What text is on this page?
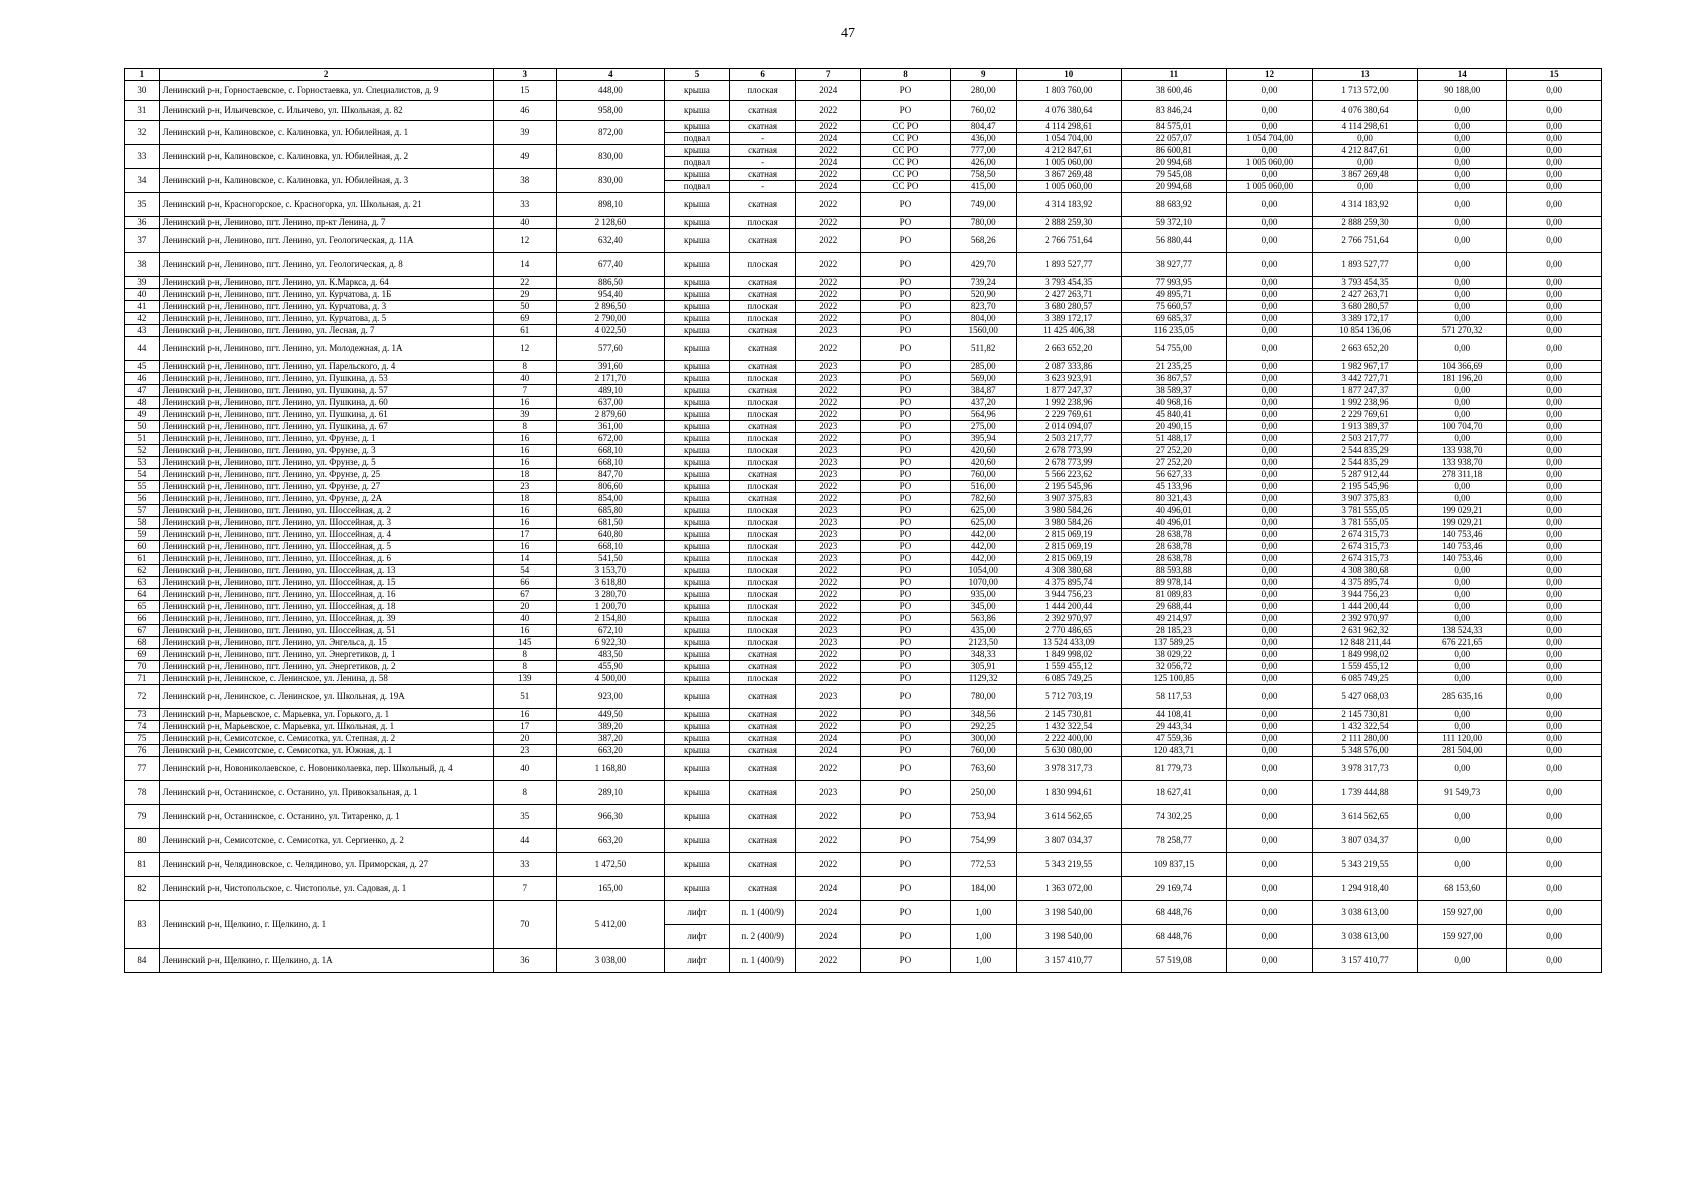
47
1	2	3	4	5	6	7	8	9	10	11	12	13	14	15
30	Ленинский р-н, Горностаевское, с. Горностаевка, ул. Специалистов, д. 9	15	448,00	крыша	плоская	2024	РО	280,00	1 803 760,00	38 600,46	0,00	1 713 572,00	90 188,00	0,00
31	Ленинский р-н, Ильичевское, с. Ильичево, ул. Школьная, д. 82	46	958,00	крыша	скатная	2022	РО	760,02	4 076 380,64	83 846,24	0,00	4 076 380,64	0,00	0,00
32	Ленинский р-н, Калиновское, с. Калиновка, ул. Юбилейная, д. 1	39	872,00	крыша	скатная	2022	СС РО	804,47	4 114 298,61	84 575,01	0,00	4 114 298,61	0,00	0,00
				подвал	-	2024	СС РО	436,00	1 054 704,00	22 057,07	1 054 704,00	0,00	0,00	0,00
33	Ленинский р-н, Калиновское, с. Калиновка, ул. Юбилейная, д. 2	49	830,00	крыша	скатная	2022	СС РО	777,00	4 212 847,61	86 600,81	0,00	4 212 847,61	0,00	0,00
				подвал	-	2024	СС РО	426,00	1 005 060,00	20 994,68	1 005 060,00	0,00	0,00	0,00
34	Ленинский р-н, Калиновское, с. Калиновка, ул. Юбилейная, д. 3	38	830,00	крыша	скатная	2022	СС РО	758,50	3 867 269,48	79 545,08	0,00	3 867 269,48	0,00	0,00
				подвал	-	2024	СС РО	415,00	1 005 060,00	20 994,68	1 005 060,00	0,00	0,00	0,00
35	Ленинский р-н, Красногорское, с. Красногорка, ул. Школьная, д. 21	33	898,10	крыша	скатная	2022	РО	749,00	4 314 183,92	88 683,92	0,00	4 314 183,92	0,00	0,00
36	Ленинский р-н, Лениново, пгт. Ленино, пр-кт Ленина, д. 7	40	2 128,60	крыша	плоская	2022	РО	780,00	2 888 259,30	59 372,10	0,00	2 888 259,30	0,00	0,00
37	Ленинский р-н, Лениново, пгт. Ленино, ул. Геологическая, д. 11А	12	632,40	крыша	скатная	2022	РО	568,26	2 766 751,64	56 880,44	0,00	2 766 751,64	0,00	0,00
38	Ленинский р-н, Лениново, пгт. Ленино, ул. Геологическая, д. 8	14	677,40	крыша	плоская	2022	РО	429,70	1 893 527,77	38 927,77	0,00	1 893 527,77	0,00	0,00
39	Ленинский р-н, Лениново, пгт. Ленино, ул. К.Маркса, д. 64	22	886,50	крыша	скатная	2022	РО	739,24	3 793 454,35	77 993,95	0,00	3 793 454,35	0,00	0,00
40	Ленинский р-н, Лениново, пгт. Ленино, ул. Курчатова, д. 1Б	29	954,40	крыша	скатная	2022	РО	520,90	2 427 263,71	49 895,71	0,00	2 427 263,71	0,00	0,00
41	Ленинский р-н, Лениново, пгт. Ленино, ул. Курчатова, д. 3	50	2 896,50	крыша	плоская	2022	РО	823,70	3 680 280,57	75 660,57	0,00	3 680 280,57	0,00	0,00
42	Ленинский р-н, Лениново, пгт. Ленино, ул. Курчатова, д. 5	69	2 790,00	крыша	плоская	2022	РО	804,00	3 389 172,17	69 685,37	0,00	3 389 172,17	0,00	0,00
43	Ленинский р-н, Лениново, пгт. Ленино, ул. Лесная, д. 7	61	4 022,50	крыша	скатная	2023	РО	1560,00	11 425 406,38	116 235,05	0,00	10 854 136,06	571 270,32	0,00
44	Ленинский р-н, Лениново, пгт. Ленино, ул. Молодежная, д. 1А	12	577,60	крыша	скатная	2022	РО	511,82	2 663 652,20	54 755,00	0,00	2 663 652,20	0,00	0,00
45	Ленинский р-н, Лениново, пгт. Ленино, ул. Парельского, д. 4	8	391,60	крыша	скатная	2023	РО	285,00	2 087 333,86	21 235,25	0,00	1 982 967,17	104 366,69	0,00
46	Ленинский р-н, Лениново, пгт. Ленино, ул. Пушкина, д. 53	40	2 171,70	крыша	плоская	2023	РО	569,00	3 623 923,91	36 867,57	0,00	3 442 727,71	181 196,20	0,00
47	Ленинский р-н, Лениново, пгт. Ленино, ул. Пушкина, д. 57	7	489,10	крыша	скатная	2022	РО	384,87	1 877 247,37	38 589,37	0,00	1 877 247,37	0,00	0,00
48	Ленинский р-н, Лениново, пгт. Ленино, ул. Пушкина, д. 60	16	637,00	крыша	плоская	2022	РО	437,20	1 992 238,96	40 968,16	0,00	1 992 238,96	0,00	0,00
49	Ленинский р-н, Лениново, пгт. Ленино, ул. Пушкина, д. 61	39	2 879,60	крыша	плоская	2022	РО	564,96	2 229 769,61	45 840,41	0,00	2 229 769,61	0,00	0,00
50	Ленинский р-н, Лениново, пгт. Ленино, ул. Пушкина, д. 67	8	361,00	крыша	скатная	2023	РО	275,00	2 014 094,07	20 490,15	0,00	1 913 389,37	100 704,70	0,00
51	Ленинский р-н, Лениново, пгт. Ленино, ул. Фрунзе, д. 1	16	672,00	крыша	плоская	2022	РО	395,94	2 503 217,77	51 488,17	0,00	2 503 217,77	0,00	0,00
52	Ленинский р-н, Лениново, пгт. Ленино, ул. Фрунзе, д. 3	16	668,10	крыша	плоская	2023	РО	420,60	2 678 773,99	27 252,20	0,00	2 544 835,29	133 938,70	0,00
53	Ленинский р-н, Лениново, пгт. Ленино, ул. Фрунзе, д. 5	16	668,10	крыша	плоская	2023	РО	420,60	2 678 773,99	27 252,20	0,00	2 544 835,29	133 938,70	0,00
54	Ленинский р-н, Лениново, пгт. Ленино, ул. Фрунзе, д. 25	18	847,70	крыша	скатная	2023	РО	760,00	5 566 223,62	56 627,33	0,00	5 287 912,44	278 311,18	0,00
55	Ленинский р-н, Лениново, пгт. Ленино, ул. Фрунзе, д. 27	23	806,60	крыша	плоская	2022	РО	516,00	2 195 545,96	45 133,96	0,00	2 195 545,96	0,00	0,00
56	Ленинский р-н, Лениново, пгт. Ленино, ул. Фрунзе, д. 2А	18	854,00	крыша	скатная	2022	РО	782,60	3 907 375,83	80 321,43	0,00	3 907 375,83	0,00	0,00
57	Ленинский р-н, Лениново, пгт. Ленино, ул. Шоссейная, д. 2	16	685,80	крыша	плоская	2023	РО	625,00	3 980 584,26	40 496,01	0,00	3 781 555,05	199 029,21	0,00
58	Ленинский р-н, Лениново, пгт. Ленино, ул. Шоссейная, д. 3	16	681,50	крыша	плоская	2023	РО	625,00	3 980 584,26	40 496,01	0,00	3 781 555,05	199 029,21	0,00
59	Ленинский р-н, Лениново, пгт. Ленино, ул. Шоссейная, д. 4	17	640,80	крыша	плоская	2023	РО	442,00	2 815 069,19	28 638,78	0,00	2 674 315,73	140 753,46	0,00
60	Ленинский р-н, Лениново, пгт. Ленино, ул. Шоссейная, д. 5	16	668,10	крыша	плоская	2023	РО	442,00	2 815 069,19	28 638,78	0,00	2 674 315,73	140 753,46	0,00
61	Ленинский р-н, Лениново, пгт. Ленино, ул. Шоссейная, д. 6	14	541,50	крыша	плоская	2023	РО	442,00	2 815 069,19	28 638,78	0,00	2 674 315,73	140 753,46	0,00
62	Ленинский р-н, Лениново, пгт. Ленино, ул. Шоссейная, д. 13	54	3 153,70	крыша	плоская	2022	РО	1054,00	4 308 380,68	88 593,88	0,00	4 308 380,68	0,00	0,00
63	Ленинский р-н, Лениново, пгт. Ленино, ул. Шоссейная, д. 15	66	3 618,80	крыша	плоская	2022	РО	1070,00	4 375 895,74	89 978,14	0,00	4 375 895,74	0,00	0,00
64	Ленинский р-н, Лениново, пгт. Ленино, ул. Шоссейная, д. 16	67	3 280,70	крыша	плоская	2022	РО	935,00	3 944 756,23	81 089,83	0,00	3 944 756,23	0,00	0,00
65	Ленинский р-н, Лениново, пгт. Ленино, ул. Шоссейная, д. 18	20	1 200,70	крыша	плоская	2022	РО	345,00	1 444 200,44	29 688,44	0,00	1 444 200,44	0,00	0,00
66	Ленинский р-н, Лениново, пгт. Ленино, ул. Шоссейная, д. 39	40	2 154,80	крыша	плоская	2022	РО	563,86	2 392 970,97	49 214,97	0,00	2 392 970,97	0,00	0,00
67	Ленинский р-н, Лениново, пгт. Ленино, ул. Шоссейная, д. 51	16	672,10	крыша	плоская	2023	РО	435,00	2 770 486,65	28 185,23	0,00	2 631 962,32	138 524,33	0,00
68	Ленинский р-н, Лениново, пгт. Ленино, ул. Энгельса, д. 15	145	6 922,30	крыша	плоская	2023	РО	2123,50	13 524 433,09	137 589,25	0,00	12 848 211,44	676 221,65	0,00
69	Ленинский р-н, Лениново, пгт. Ленино, ул. Энергетиков, д. 1	8	483,50	крыша	скатная	2022	РО	348,33	1 849 998,02	38 029,22	0,00	1 849 998,02	0,00	0,00
70	Ленинский р-н, Лениново, пгт. Ленино, ул. Энергетиков, д. 2	8	455,90	крыша	скатная	2022	РО	305,91	1 559 455,12	32 056,72	0,00	1 559 455,12	0,00	0,00
71	Ленинский р-н, Ленинское, с. Ленинское, ул. Ленина, д. 58	139	4 500,00	крыша	плоская	2022	РО	1129,32	6 085 749,25	125 100,85	0,00	6 085 749,25	0,00	0,00
72	Ленинский р-н, Ленинское, с. Ленинское, ул. Школьная, д. 19А	51	923,00	крыша	скатная	2023	РО	780,00	5 712 703,19	58 117,53	0,00	5 427 068,03	285 635,16	0,00
73	Ленинский р-н, Марьевское, с. Марьевка, ул. Горького, д. 1	16	449,50	крыша	скатная	2022	РО	348,56	2 145 730,81	44 108,41	0,00	2 145 730,81	0,00	0,00
74	Ленинский р-н, Марьевское, с. Марьевка, ул. Школьная, д. 1	17	389,20	крыша	скатная	2022	РО	292,25	1 432 322,54	29 443,34	0,00	1 432 322,54	0,00	0,00
75	Ленинский р-н, Семисотское, с. Семисотка, ул. Степная, д. 2	20	387,20	крыша	скатная	2024	РО	300,00	2 222 400,00	47 559,36	0,00	2 111 280,00	111 120,00	0,00
76	Ленинский р-н, Семисотское, с. Семисотка, ул. Южная, д. 1	23	663,20	крыша	скатная	2024	РО	760,00	5 630 080,00	120 483,71	0,00	5 348 576,00	281 504,00	0,00
77	Ленинский р-н, Новониколаевское, с. Новониколаевка, пер. Школьный, д. 4	40	1 168,80	крыша	скатная	2022	РО	763,60	3 978 317,73	81 779,73	0,00	3 978 317,73	0,00	0,00
78	Ленинский р-н, Останинское, с. Останино, ул. Привокзальная, д. 1	8	289,10	крыша	скатная	2023	РО	250,00	1 830 994,61	18 627,41	0,00	1 739 444,88	91 549,73	0,00
79	Ленинский р-н, Останинское, с. Останино, ул. Титаренко, д. 1	35	966,30	крыша	скатная	2022	РО	753,94	3 614 562,65	74 302,25	0,00	3 614 562,65	0,00	0,00
80	Ленинский р-н, Семисотское, с. Семисотка, ул. Сергиенко, д. 2	44	663,20	крыша	скатная	2022	РО	754,99	3 807 034,37	78 258,77	0,00	3 807 034,37	0,00	0,00
81	Ленинский р-н, Челядиновское, с. Челядиново, ул. Приморская, д. 27	33	1 472,50	крыша	скатная	2022	РО	772,53	5 343 219,55	109 837,15	0,00	5 343 219,55	0,00	0,00
82	Ленинский р-н, Чистопольское, с. Чистополье, ул. Садовая, д. 1	7	165,00	крыша	скатная	2024	РО	184,00	1 363 072,00	29 169,74	0,00	1 294 918,40	68 153,60	0,00
83	Ленинский р-н, Щелкино, г. Щелкино, д. 1	70	5 412,00	лифт	п. 1 (400/9)	2024	РО	1,00	3 198 540,00	68 448,76	0,00	3 038 613,00	159 927,00	0,00
				лифт	п. 2 (400/9)	2024	РО	1,00	3 198 540,00	68 448,76	0,00	3 038 613,00	159 927,00	0,00
84	Ленинский р-н, Щелкино, г. Щелкино, д. 1А	36	3 038,00	лифт	п. 1 (400/9)	2022	РО	1,00	3 157 410,77	57 519,08	0,00	3 157 410,77	0,00	0,00
